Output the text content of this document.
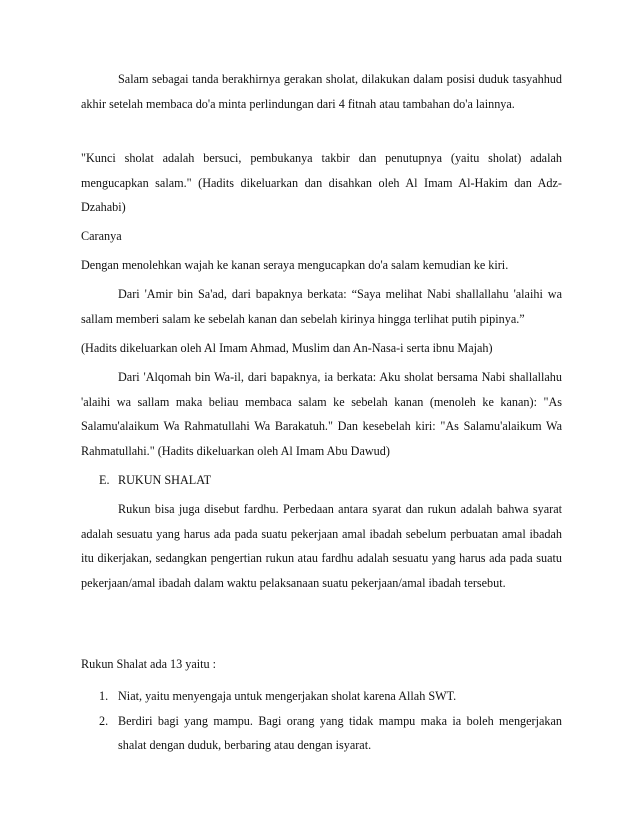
Salam sebagai tanda berakhirnya gerakan sholat, dilakukan dalam posisi duduk tasyahhud akhir setelah membaca do'a minta perlindungan dari 4 fitnah atau tambahan do'a lainnya.

"Kunci sholat adalah bersuci, pembukanya takbir dan penutupnya (yaitu sholat) adalah mengucapkan salam." (Hadits dikeluarkan dan disahkan oleh Al Imam Al-Hakim dan Adz-Dzahabi)

Caranya

Dengan menolehkan wajah ke kanan seraya mengucapkan do'a salam kemudian ke kiri.

Dari 'Amir bin Sa'ad, dari bapaknya berkata: “Saya melihat Nabi shallallahu 'alaihi wa sallam memberi salam ke sebelah kanan dan sebelah kirinya hingga terlihat putih pipinya.”

(Hadits dikeluarkan oleh Al Imam Ahmad, Muslim dan An-Nasa-i serta ibnu Majah)

Dari 'Alqomah bin Wa-il, dari bapaknya, ia berkata: Aku sholat bersama Nabi shallallahu 'alaihi wa sallam maka beliau membaca salam ke sebelah kanan (menoleh ke kanan): "As Salamu'alaikum Wa Rahmatullahi Wa Barakatuh." Dan kesebelah kiri: "As Salamu'alaikum Wa Rahmatullahi." (Hadits dikeluarkan oleh Al Imam Abu Dawud)

E. RUKUN SHALAT

Rukun bisa juga disebut fardhu. Perbedaan antara syarat dan rukun adalah bahwa syarat adalah sesuatu yang harus ada pada suatu pekerjaan amal ibadah sebelum perbuatan amal ibadah itu dikerjakan, sedangkan pengertian rukun atau fardhu adalah sesuatu yang harus ada pada suatu pekerjaan/amal ibadah dalam waktu pelaksanaan suatu pekerjaan/amal ibadah tersebut.

Rukun Shalat ada 13 yaitu :

1. Niat, yaitu menyengaja untuk mengerjakan sholat karena Allah SWT.
2. Berdiri bagi yang mampu. Bagi orang yang tidak mampu maka ia boleh mengerjakan shalat dengan duduk, berbaring atau dengan isyarat.
